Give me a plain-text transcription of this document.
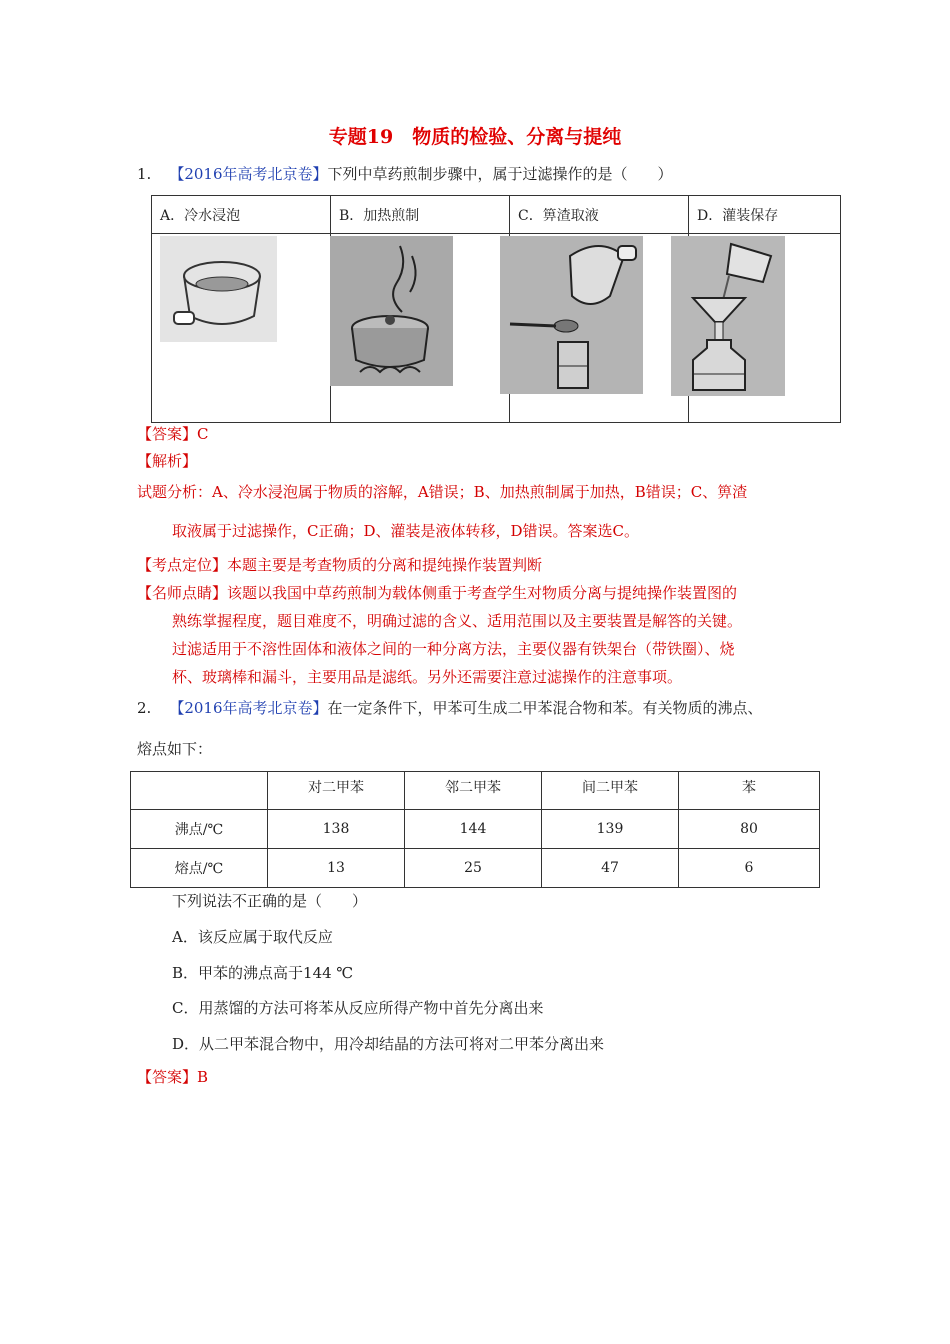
专题19　物质的检验、分离与提纯
1. 【2016年高考北京卷】下列中草药煎制步骤中，属于过滤操作的是（　　）
A．冷水浸泡	B．加热煎制	C．箅渣取液	D．灌装保存

【答案】C
【解析】
试题分析：A、冷水浸泡属于物质的溶解，A错误；B、加热煎制属于加热，B错误；C、箅渣
取液属于过滤操作，C正确；D、灌装是液体转移，D错误。答案选C。
【考点定位】本题主要是考查物质的分离和提纯操作装置判断
【名师点睛】该题以我国中草药煎制为载体侧重于考查学生对物质分离与提纯操作装置图的
熟练掌握程度，题目难度不，明确过滤的含义、适用范围以及主要装置是解答的关键。
过滤适用于不溶性固体和液体之间的一种分离方法，主要仪器有铁架台（带铁圈）、烧
杯、玻璃棒和漏斗，主要用品是滤纸。另外还需要注意过滤操作的注意事项。
2. 【2016年高考北京卷】在一定条件下，甲苯可生成二甲苯混合物和苯。有关物质的沸点、
熔点如下：
	对二甲苯	邻二甲苯	间二甲苯	苯
沸点/℃	138	144	139	80
熔点/℃	13	25	47	6
下列说法不正确的是（　　）
A．该反应属于取代反应
B．甲苯的沸点高于144 ℃
C．用蒸馏的方法可将苯从反应所得产物中首先分离出来
D．从二甲苯混合物中，用冷却结晶的方法可将对二甲苯分离出来
【答案】B
